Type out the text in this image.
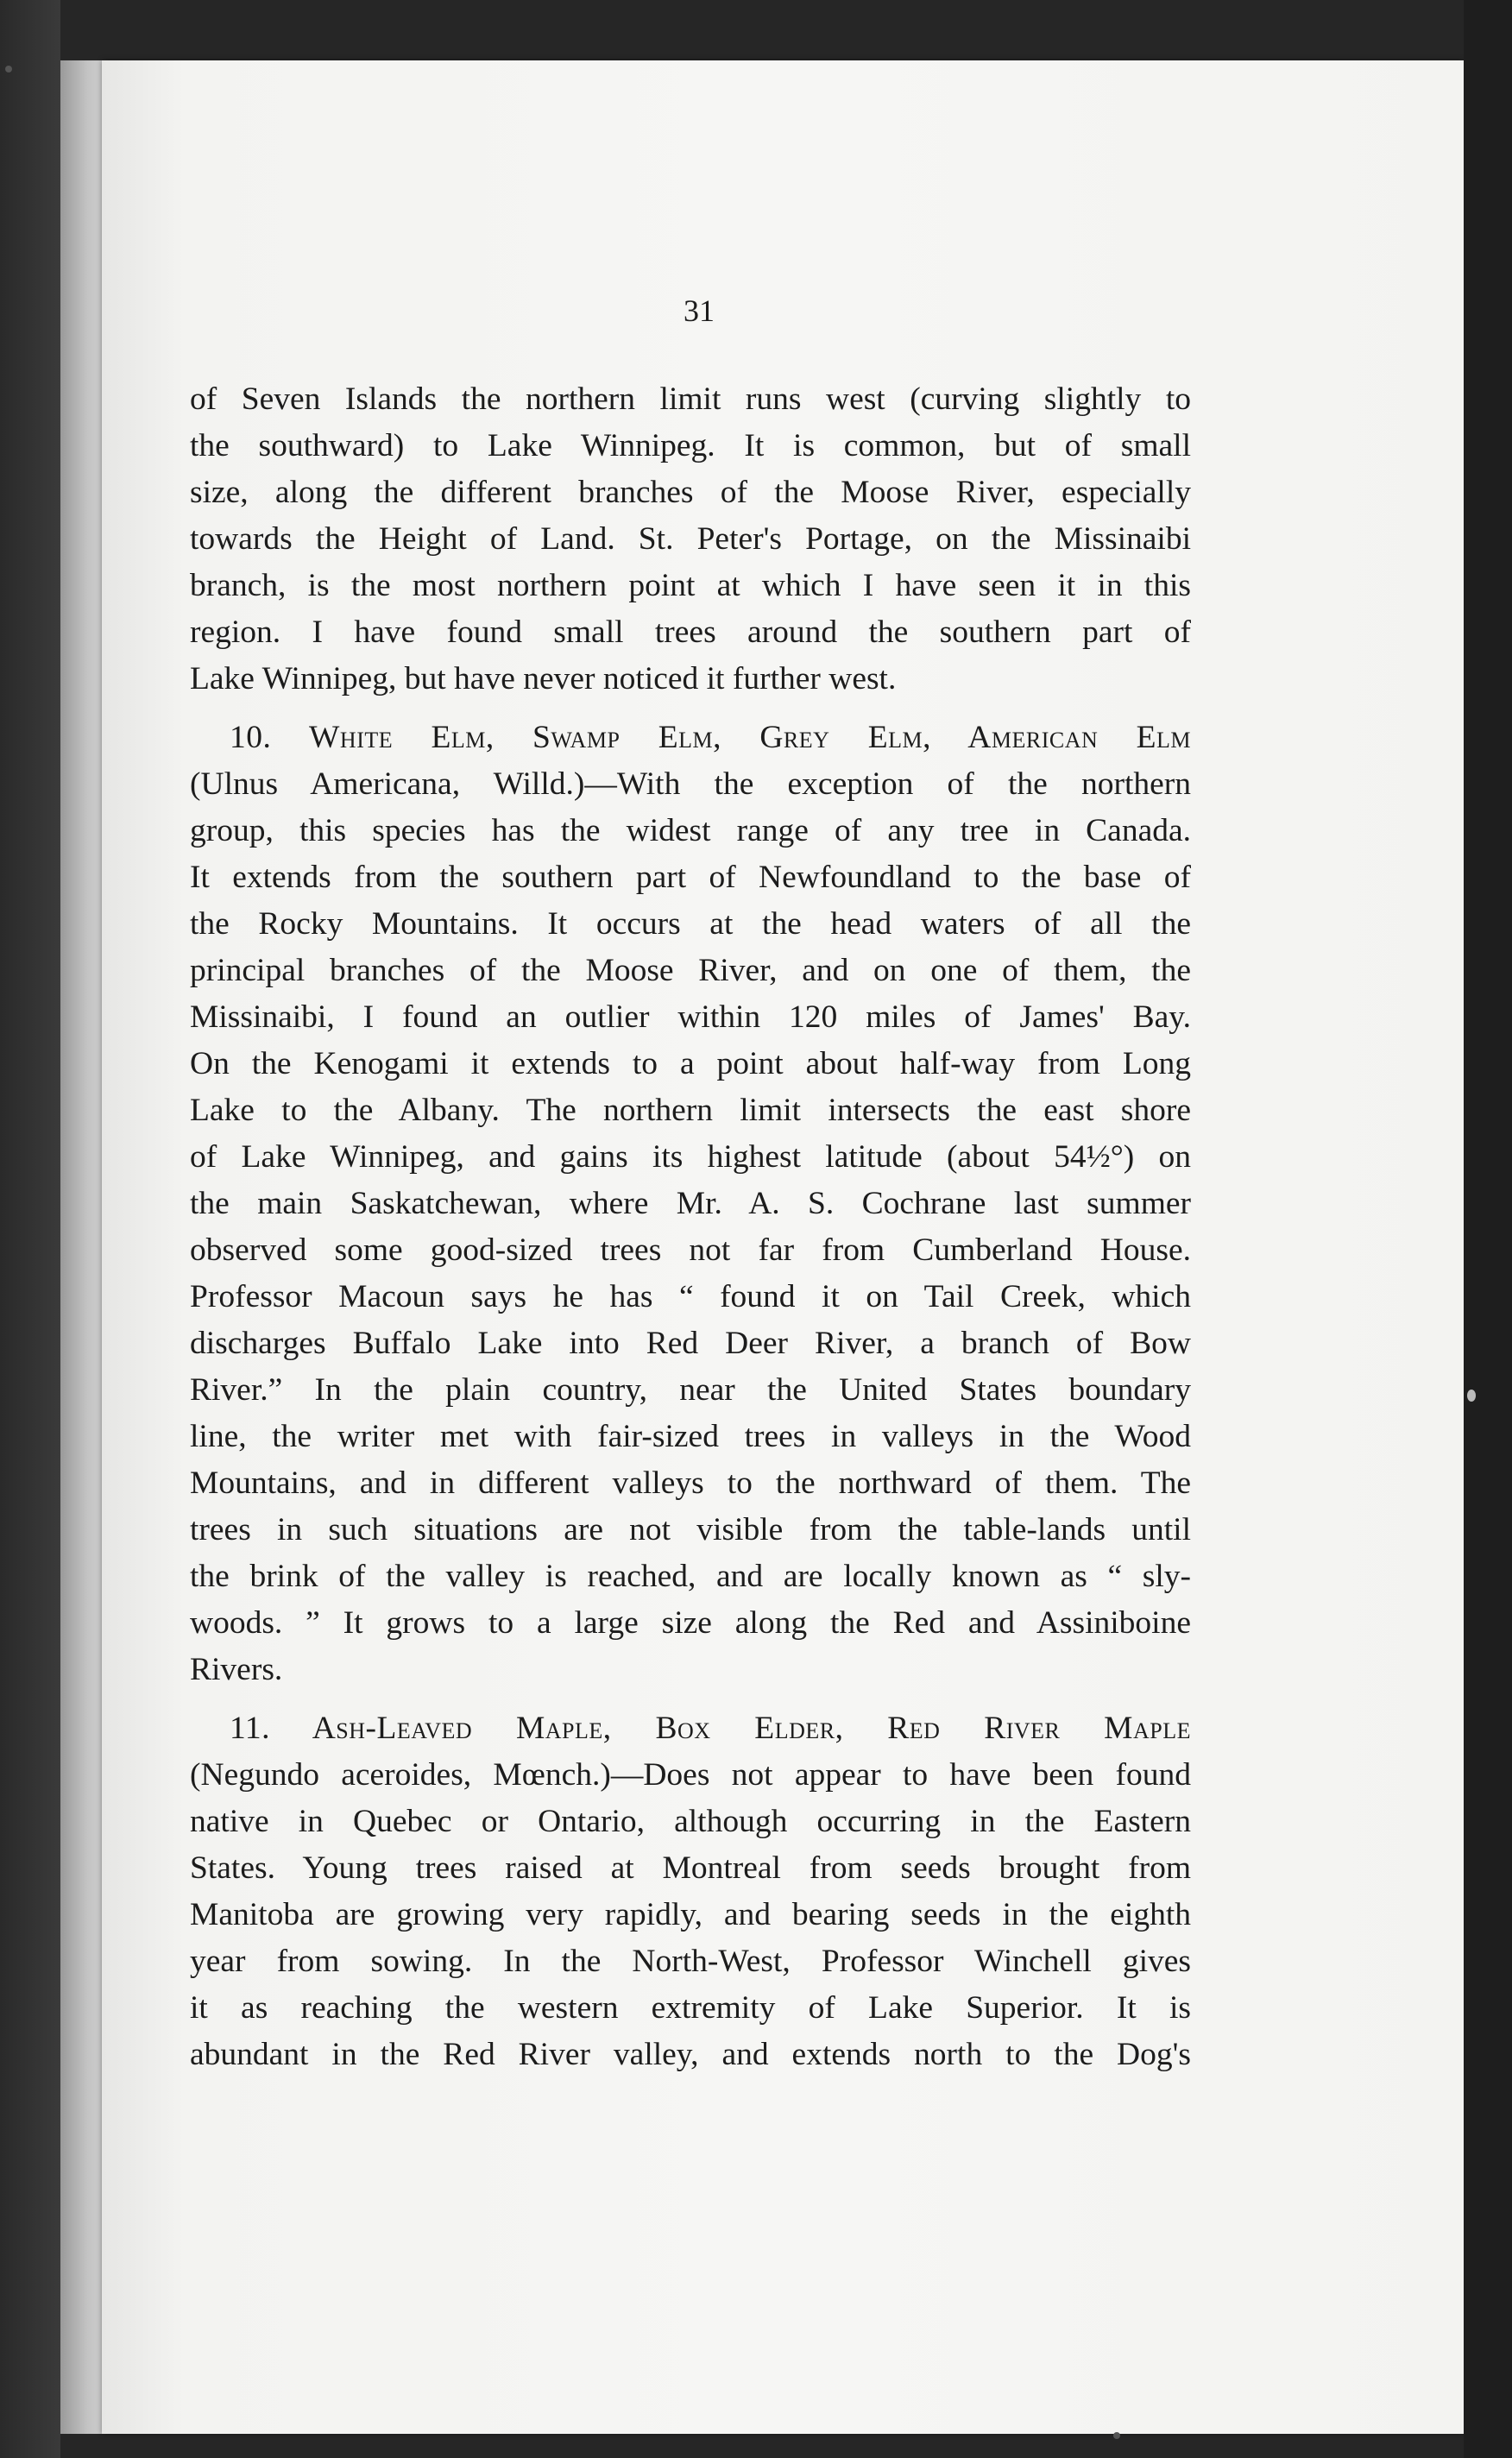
31
of Seven Islands the northern limit runs west (curving slightly to
the southward) to Lake Winnipeg. It is common, but of small
size, along the different branches of the Moose River, especially
towards the Height of Land. St. Peter's Portage, on the Missinaibi
branch, is the most northern point at which I have seen it in this
region. I have found small trees around the southern part of
Lake Winnipeg, but have never noticed it further west.
10. White Elm, Swamp Elm, Grey Elm, American Elm
(Ulnus Americana, Willd.)—With the exception of the northern
group, this species has the widest range of any tree in Canada.
It extends from the southern part of Newfoundland to the base of
the Rocky Mountains. It occurs at the head waters of all the
principal branches of the Moose River, and on one of them, the
Missinaibi, I found an outlier within 120 miles of James' Bay.
On the Kenogami it extends to a point about half-way from Long
Lake to the Albany. The northern limit intersects the east shore
of Lake Winnipeg, and gains its highest latitude (about 54½°) on
the main Saskatchewan, where Mr. A. S. Cochrane last summer
observed some good-sized trees not far from Cumberland House.
Professor Macoun says he has “ found it on Tail Creek, which
discharges Buffalo Lake into Red Deer River, a branch of Bow
River.” In the plain country, near the United States boundary
line, the writer met with fair-sized trees in valleys in the Wood
Mountains, and in different valleys to the northward of them. The
trees in such situations are not visible from the table-lands until
the brink of the valley is reached, and are locally known as “ sly-
woods. ” It grows to a large size along the Red and Assiniboine
Rivers.
11. Ash-Leaved Maple, Box Elder, Red River Maple
(Negundo aceroides, Mœnch.)—Does not appear to have been found
native in Quebec or Ontario, although occurring in the Eastern
States. Young trees raised at Montreal from seeds brought from
Manitoba are growing very rapidly, and bearing seeds in the eighth
year from sowing. In the North-West, Professor Winchell gives
it as reaching the western extremity of Lake Superior. It is
abundant in the Red River valley, and extends north to the Dog's
